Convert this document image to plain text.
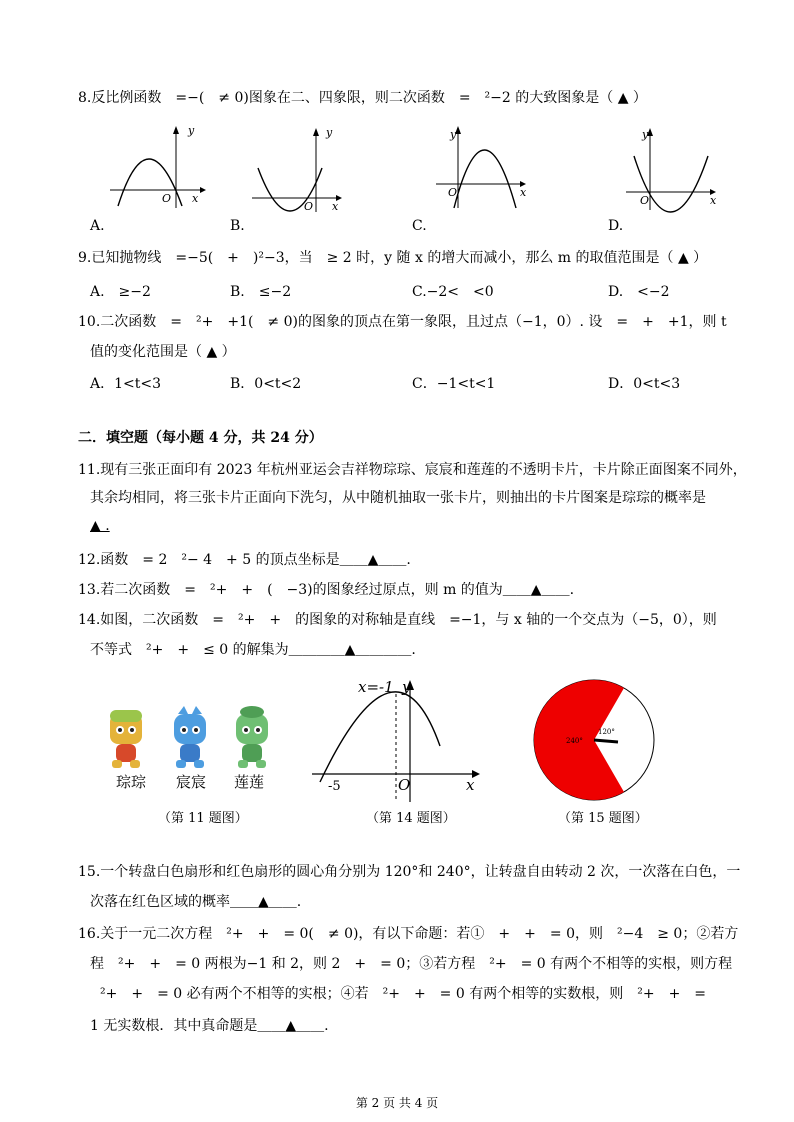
8.反比例函数　=−(　≠ 0)图象在二、四象限，则二次函数　=　²−2 的大致图象是（ ▲ ）
y
x
O
A.
y
x
O
B.
y
x
O
C.
y
x
O
D.
9.已知抛物线　=−5(　+　)²−3，当　≥ 2 时，y 随 x 的增大而减小，那么 m 的取值范围是（ ▲ ）
A.　≥−2	B.　≤−2	C.−2<　<0	D.　<−2
10.二次函数　=　²+　+1(　≠ 0)的图象的顶点在第一象限，且过点（−1，0）. 设　=　+　+1，则 t
值的变化范围是（ ▲ ）
A．1<t<3	B．0<t<2	C．−1<t<1	D．0<t<3
二．填空题（每小题 4 分，共 24 分）
11.现有三张正面印有 2023 年杭州亚运会吉祥物琮琮、宸宸和莲莲的不透明卡片，卡片除正面图案不同外，
其余均相同，将三张卡片正面向下洗匀，从中随机抽取一张卡片，则抽出的卡片图案是琮琮的概率是
▲ .
12.函数　= 2　²− 4　+ 5 的顶点坐标是＿＿▲＿＿.
13.若二次函数　=　²+　+　(　−3)的图象经过原点，则 m 的值为＿＿▲＿＿.
14.如图，二次函数　=　²+　+　的图象的对称轴是直线　=−1，与 x 轴的一个交点为（−5，0），则
不等式　²+　+　≤ 0 的解集为＿＿＿＿▲＿＿＿＿.
琮琮 宸宸 莲莲
x=-1 y
x
O
-5
120°
240°
（第 11 题图）	（第 14 题图）	（第 15 题图）
15.一个转盘白色扇形和红色扇形的圆心角分别为 120°和 240°，让转盘自由转动 2 次，一次落在白色，一
次落在红色区域的概率＿＿▲＿＿.
16.关于一元二次方程　²+　+　= 0(　≠ 0)，有以下命题：若①　+　+　= 0，则　²−4　≥ 0；②若方
程　²+　+　= 0 两根为−1 和 2，则 2　+　= 0；③若方程　²+　= 0 有两个不相等的实根，则方程
²+　+　= 0 必有两个不相等的实根；④若　²+　+　= 0 有两个相等的实数根，则　²+　+　=
1 无实数根．其中真命题是＿＿▲＿＿.
第 2 页 共 4 页
